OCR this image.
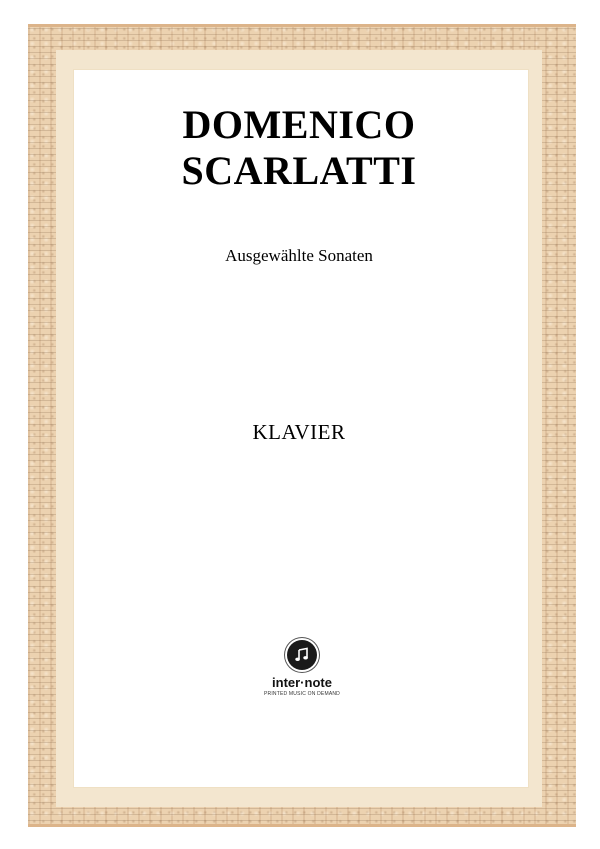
DOMENICO
SCARLATTI
Ausgewählte Sonaten
KLAVIER
inter·note
PRINTED MUSIC ON DEMAND
